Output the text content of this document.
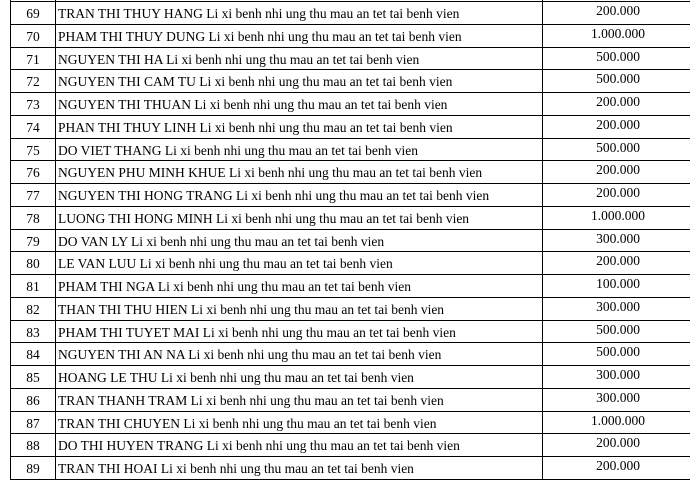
69	TRAN THI THUY HANG Li xi benh nhi ung thu mau an tet tai benh vien	200.000
70	PHAM THI THUY DUNG Li xi benh nhi ung thu mau an tet tai benh vien	1.000.000
71	NGUYEN THI HA Li xi benh nhi ung thu mau an tet tai benh vien	500.000
72	NGUYEN THI CAM TU Li xi benh nhi ung thu mau an tet tai benh vien	500.000
73	NGUYEN THI THUAN Li xi benh nhi ung thu mau an tet tai benh vien	200.000
74	PHAN THI THUY LINH Li xi benh nhi ung thu mau an tet tai benh vien	200.000
75	DO VIET THANG Li xi benh nhi ung thu mau an tet tai benh vien	500.000
76	NGUYEN PHU MINH KHUE Li xi benh nhi ung thu mau an tet tai benh vien	200.000
77	NGUYEN THI HONG TRANG Li xi benh nhi ung thu mau an tet tai benh vien	200.000
78	LUONG THI HONG MINH Li xi benh nhi ung thu mau an tet tai benh vien	1.000.000
79	DO VAN LY Li xi benh nhi ung thu mau an tet tai benh vien	300.000
80	LE VAN LUU Li xi benh nhi ung thu mau an tet tai benh vien	200.000
81	PHAM THI NGA Li xi benh nhi ung thu mau an tet tai benh vien	100.000
82	THAN THI THU HIEN Li xi benh nhi ung thu mau an tet tai benh vien	300.000
83	PHAM THI TUYET MAI Li xi benh nhi ung thu mau an tet tai benh vien	500.000
84	NGUYEN THI AN NA Li xi benh nhi ung thu mau an tet tai benh vien	500.000
85	HOANG LE THU Li xi benh nhi ung thu mau an tet tai benh vien	300.000
86	TRAN THANH TRAM Li xi benh nhi ung thu mau an tet tai benh vien	300.000
87	TRAN THI CHUYEN Li xi benh nhi ung thu mau an tet tai benh vien	1.000.000
88	DO THI HUYEN TRANG Li xi benh nhi ung thu mau an tet tai benh vien	200.000
89	TRAN THI HOAI Li xi benh nhi ung thu mau an tet tai benh vien	200.000
